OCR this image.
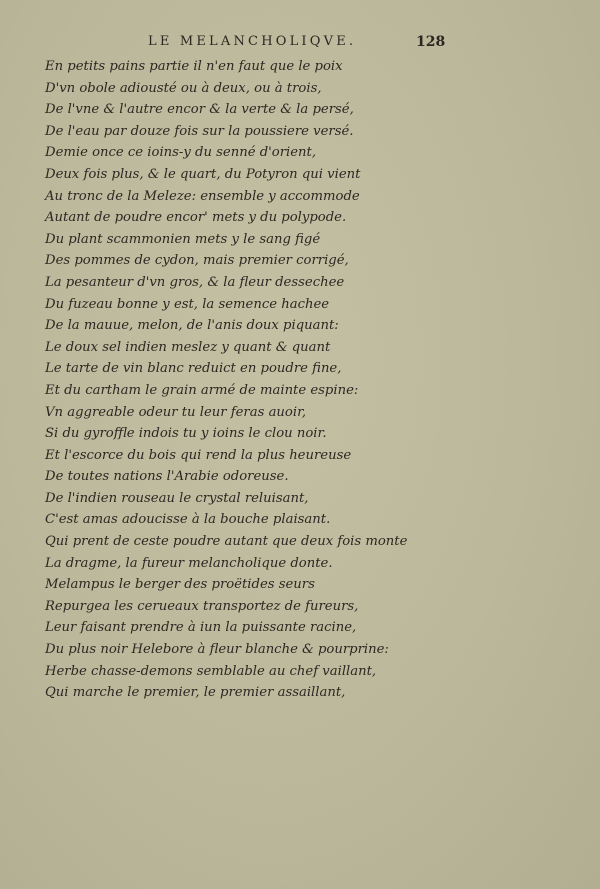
LE MELANCHOLIQVE.	128
En petits pains partie il n'en faut que le poix
D'vn obole adiousté ou à deux, ou à trois,
De l'vne & l'autre encor & la verte & la persé,
De l'eau par douze fois sur la poussiere versé.
Demie once ce ioins-y du senné d'orient,
Deux fois plus, & le quart, du Potyron qui vient
Au tronc de la Meleze: ensemble y accommode
Autant de poudre encor' mets y du polypode.
Du plant scammonien mets y le sang figé
Des pommes de cydon, mais premier corrigé,
La pesanteur d'vn gros, & la fleur dessechee
Du fuzeau bonne y est, la semence hachee
De la mauue, melon, de l'anis doux piquant:
Le doux sel indien meslez y quant & quant
Le tarte de vin blanc reduict en poudre fine,
Et du cartham le grain armé de mainte espine:
Vn aggreable odeur tu leur feras auoir,
Si du gyroffle indois tu y ioins le clou noir.
Et l'escorce du bois qui rend la plus heureuse
De toutes nations l'Arabie odoreuse.
De l'indien rouseau le crystal reluisant,
C'est amas adoucisse à la bouche plaisant.
Qui prent de ceste poudre autant que deux fois monte
La dragme, la fureur melancholique donte.
Melampus le berger des proëtides seurs
Repurgea les cerueaux transportez de fureurs,
Leur faisant prendre à iun la puissante racine,
Du plus noir Helebore à fleur blanche & pourprine:
Herbe chasse-demons semblable au chef vaillant,
Qui marche le premier, le premier assaillant,
